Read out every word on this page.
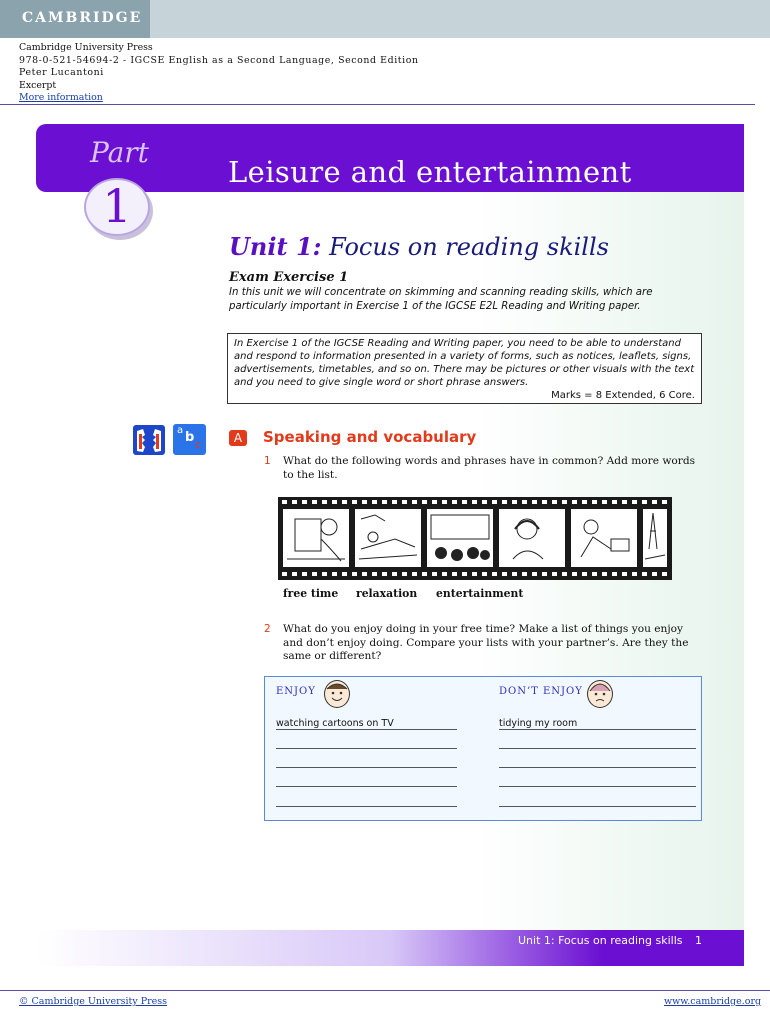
CAMBRIDGE
Cambridge University Press
978-0-521-54694-2 - IGCSE English as a Second Language, Second Edition
Peter Lucantoni
Excerpt
More information
Part
1
Leisure and entertainment
Unit 1: Focus on reading skills
Exam Exercise 1
In this unit we will concentrate on skimming and scanning reading skills, which are particularly important in Exercise 1 of the IGCSE E2L Reading and Writing paper.
In Exercise 1 of the IGCSE Reading and Writing paper, you need to be able to understand and respond to information presented in a variety of forms, such as notices, leaflets, signs, advertisements, timetables, and so on. There may be pictures or other visuals with the text and you need to give single word or short phrase answers.
Marks = 8 Extended, 6 Core.
a b c	A	Speaking and vocabulary
1 What do the following words and phrases have in common? Add more words to the list.
free time relaxation entertainment
2 What do you enjoy doing in your free time? Make a list of things you enjoy and don’t enjoy doing. Compare your lists with your partner’s. Are they the same or different?
ENJOY	DON’T ENJOY
watching cartoons on TV	tidying my room
Unit 1: Focus on reading skills 1
© Cambridge University Press	www.cambridge.org
